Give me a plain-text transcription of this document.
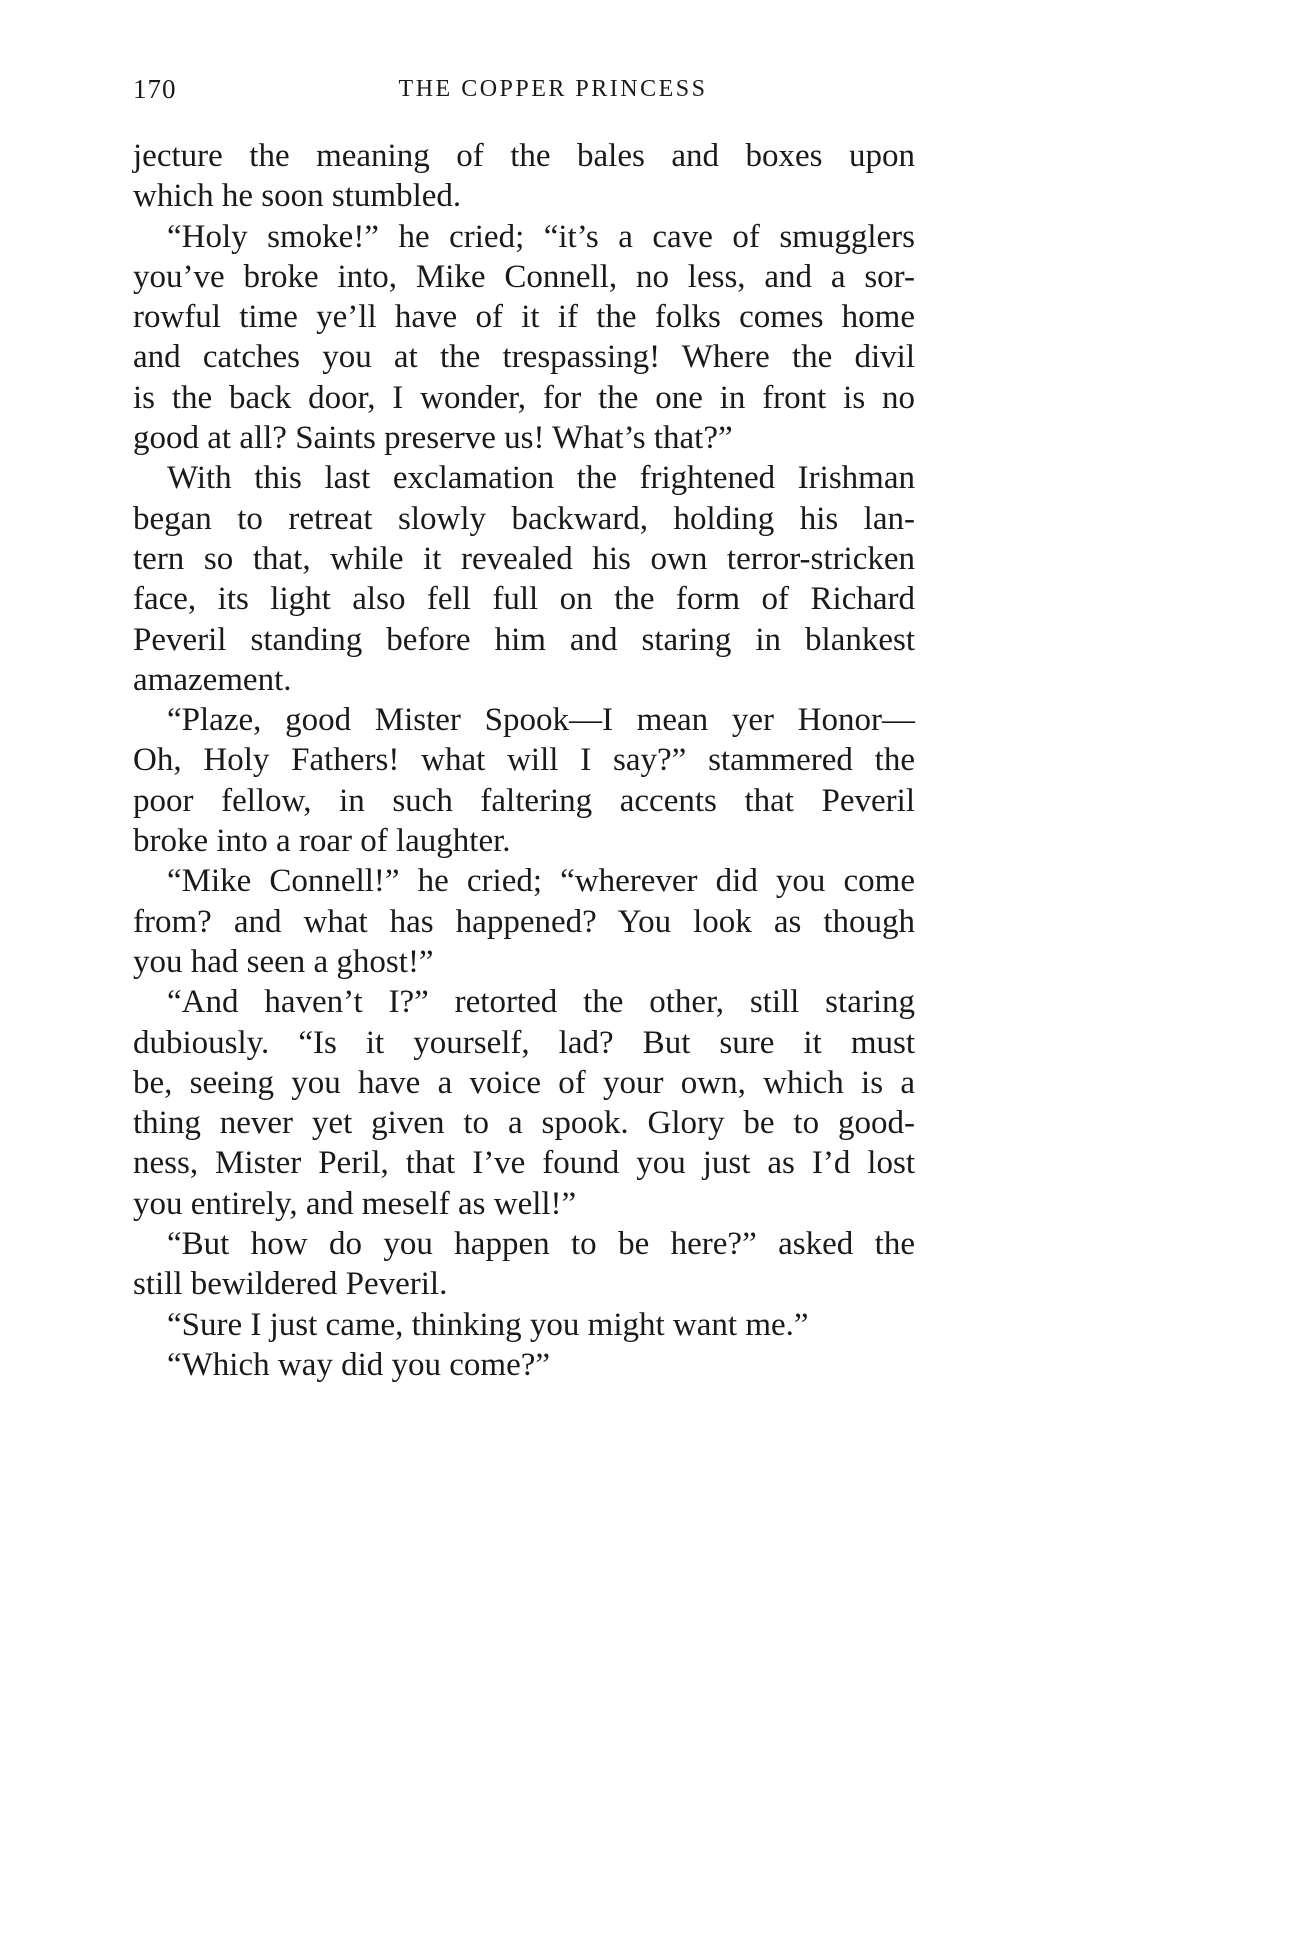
170	THE COPPER PRINCESS

jecture the meaning of the bales and boxes upon
which he soon stumbled.

“Holy smoke!” he cried; “it’s a cave of smugglers
you’ve broke into, Mike Connell, no less, and a sor-
rowful time ye’ll have of it if the folks comes home
and catches you at the trespassing! Where the divil
is the back door, I wonder, for the one in front is no
good at all? Saints preserve us! What’s that?”

With this last exclamation the frightened Irishman
began to retreat slowly backward, holding his lan-
tern so that, while it revealed his own terror-stricken
face, its light also fell full on the form of Richard
Peveril standing before him and staring in blankest
amazement.

“Plaze, good Mister Spook—I mean yer Honor—
Oh, Holy Fathers! what will I say?” stammered the
poor fellow, in such faltering accents that Peveril
broke into a roar of laughter.

“Mike Connell!” he cried; “wherever did you come
from? and what has happened? You look as though
you had seen a ghost!”

“And haven’t I?” retorted the other, still staring
dubiously. “Is it yourself, lad? But sure it must
be, seeing you have a voice of your own, which is a
thing never yet given to a spook. Glory be to good-
ness, Mister Peril, that I’ve found you just as I’d lost
you entirely, and meself as well!”

“But how do you happen to be here?” asked the
still bewildered Peveril.

“Sure I just came, thinking you might want me.”

“Which way did you come?”
